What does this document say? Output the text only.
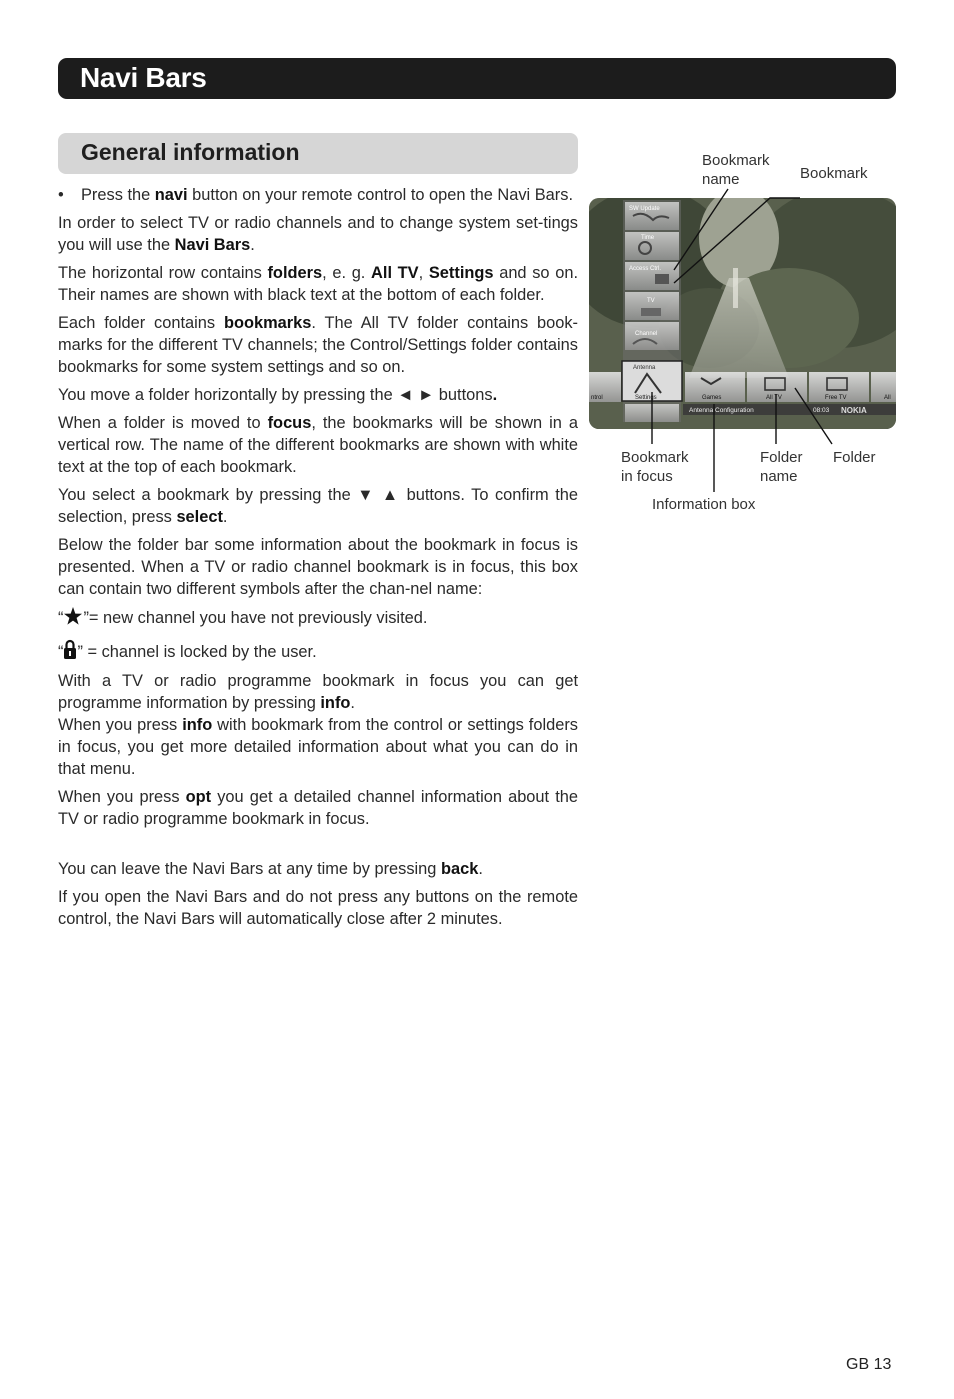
Navi Bars
General information

• Press the navi button on your remote control to open the Navi Bars.

In order to select TV or radio channels and to change system set-tings you will use the Navi Bars.

The horizontal row contains folders, e. g. All TV, Settings and so on. Their names are shown with black text at the bottom of each folder.

Each folder contains bookmarks. The All TV folder contains book-marks for the different TV channels; the Control/Settings folder contains bookmarks for some system settings and so on.

You move a folder horizontally by pressing the ◄ ► buttons.

When a folder is moved to focus, the bookmarks will be shown in a vertical row. The name of the different bookmarks are shown with white text at the top of each bookmark.

You select a bookmark by pressing the ▼ ▲ buttons. To confirm the selection, press select.

Below the folder bar some information about the bookmark in focus is presented. When a TV or radio channel bookmark is in focus, this box can contain two different symbols after the chan-nel name:

“ ”= new channel you have not previously visited.

“ ” = channel is locked by the user.

With a TV or radio programme bookmark in focus you can get programme information by pressing info.

When you press info with bookmark from the control or settings folders in focus, you get more detailed information about what you can do in that menu.

When you press opt you get a detailed channel information about the TV or radio programme bookmark in focus.

You can leave the Navi Bars at any time by pressing back.

If you open the Navi Bars and do not press any buttons on the remote control, the Navi Bars will automatically close after 2 minutes.

Bookmark
name	Bookmark
Bookmark
in focus
Folder
name
Folder
Information box
SW Update
Time
Access Ctrl.
TV
Channel
Antenna
Settings
ntrol	Games	All TV	Free TV	All
Antenna Configuration	08:03 NOKIA
GB 13
